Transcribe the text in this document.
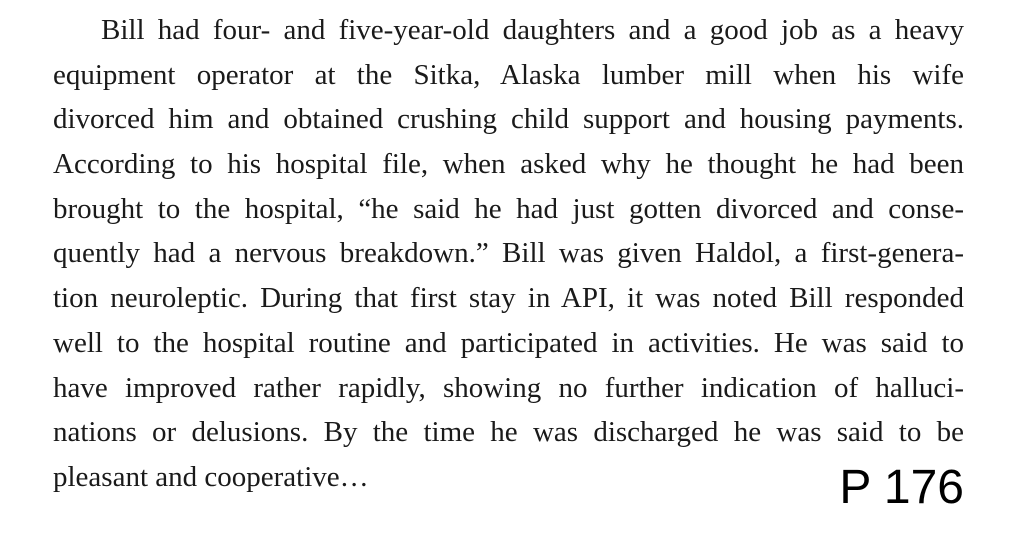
Bill had four- and five-year-old daughters and a good job as a heavy
equipment operator at the Sitka, Alaska lumber mill when his wife
divorced him and obtained crushing child support and housing payments.
According to his hospital file, when asked why he thought he had been
brought to the hospital, “he said he had just gotten divorced and conse-
quently had a nervous breakdown.” Bill was given Haldol, a first-genera-
tion neuroleptic. During that first stay in API, it was noted Bill responded
well to the hospital routine and participated in activities. He was said to
have improved rather rapidly, showing no further indication of halluci-
nations or delusions. By the time he was discharged he was said to be
pleasant and cooperative…	P 176
